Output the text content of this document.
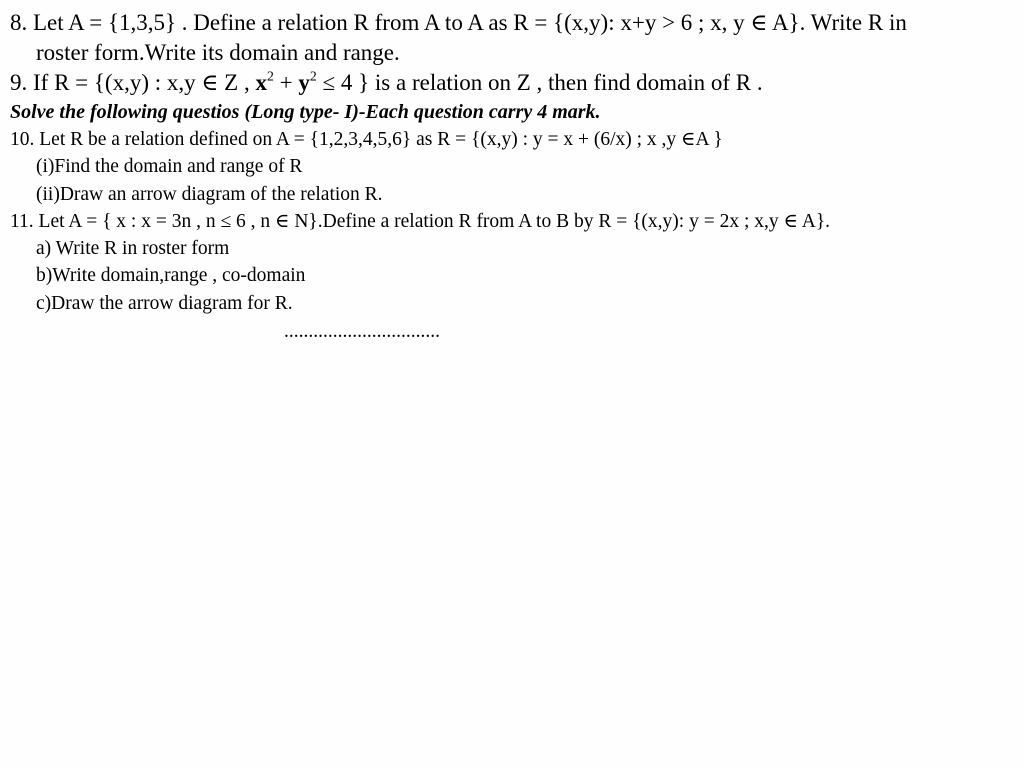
8. Let A = {1,3,5} . Define a relation R from A to A as R = {(x,y): x+y > 6 ; x, y ∈ A}. Write R in
roster form.Write its domain and range.
9. If R = {(x,y) : x,y ∈ Z , $x^2 + y^2 \le 4$ } is a relation on Z , then find domain of R .
Solve the following questios (Long type- I)-Each question carry 4 mark.
10. Let R be a relation defined on A = {1,2,3,4,5,6} as R = {(x,y) : y = x + (6/x) ; x ,y ∈A }
(i)Find the domain and range of R
(ii)Draw an arrow diagram of the relation R.
11. Let A = { x : x = 3n , n ≤ 6 , n ∈ N}.Define a relation R from A to B by R = {(x,y): y = 2x ; x,y ∈ A}.
a) Write R in roster form
b)Write domain,range , co-domain
c)Draw the arrow diagram for R.
................................
